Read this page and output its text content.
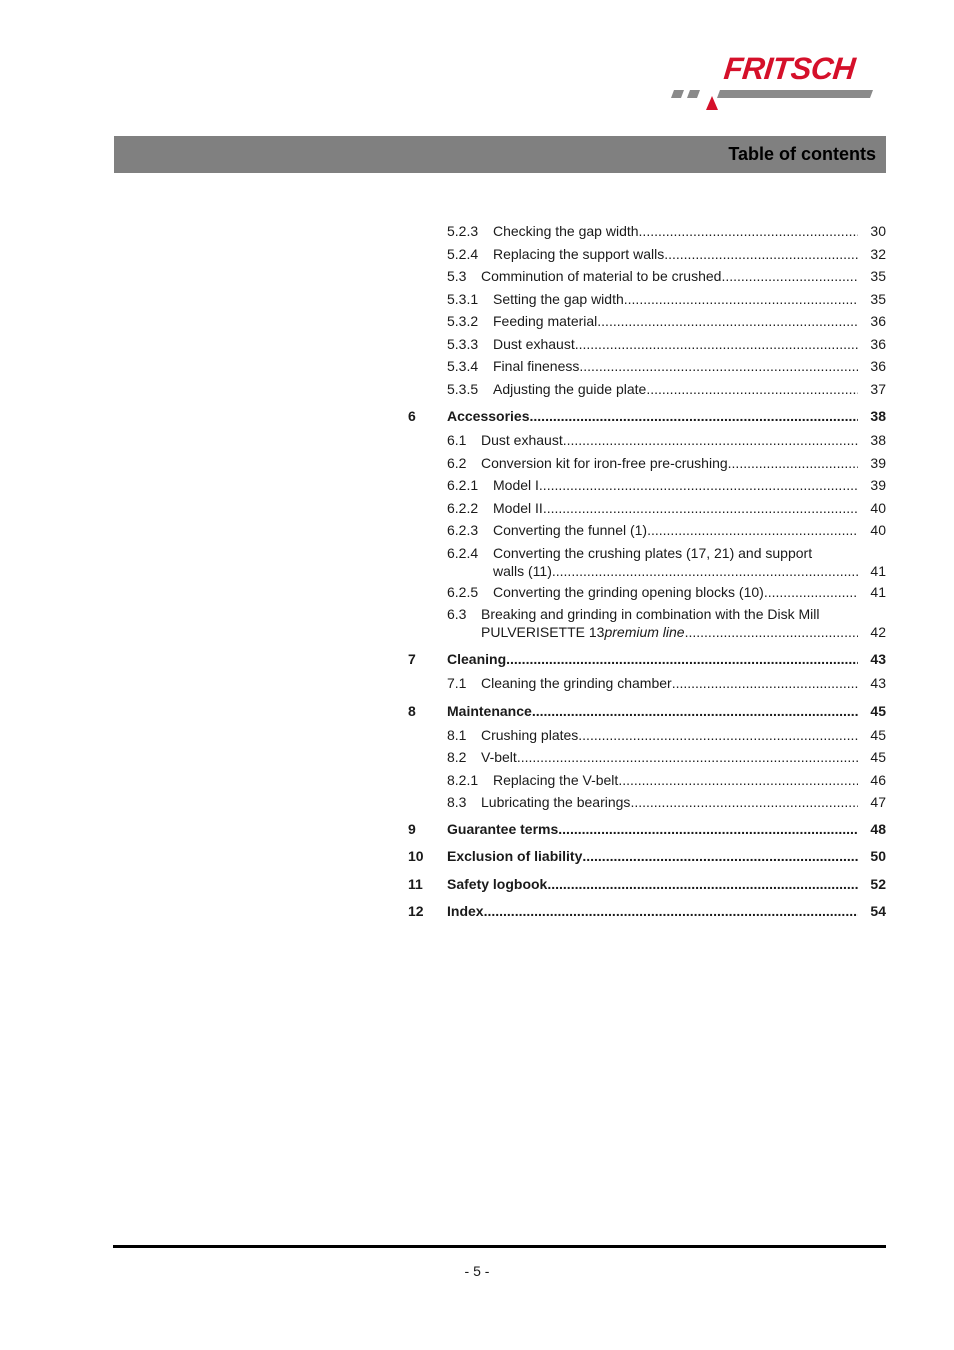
FRITSCH
Table of contents
5.2.3 Checking the gap width .....	30
5.2.4 Replacing the support walls .....	32
5.3 Comminution of material to be crushed .....	35
5.3.1 Setting the gap width .....	35
5.3.2 Feeding material .....	36
5.3.3 Dust exhaust .....	36
5.3.4 Final fineness .....	36
5.3.5 Adjusting the guide plate .....	37
6 Accessories .....	38
6.1 Dust exhaust .....	38
6.2 Conversion kit for iron-free pre-crushing .....	39
6.2.1 Model I .....	39
6.2.2 Model II .....	40
6.2.3 Converting the funnel (1) .....	40
6.2.4 Converting the crushing plates (17, 21) and support
walls (11) .....	41
6.2.5 Converting the grinding opening blocks (10) .....	41
6.3 Breaking and grinding in combination with the Disk Mill
PULVERISETTE 13 premium line .....	42
7 Cleaning .....	43
7.1 Cleaning the grinding chamber .....	43
8 Maintenance .....	45
8.1 Crushing plates .....	45
8.2 V-belt .....	45
8.2.1 Replacing the V-belt .....	46
8.3 Lubricating the bearings .....	47
9 Guarantee terms .....	48
10 Exclusion of liability .....	50
11 Safety logbook .....	52
12 Index .....	54
- 5 -
